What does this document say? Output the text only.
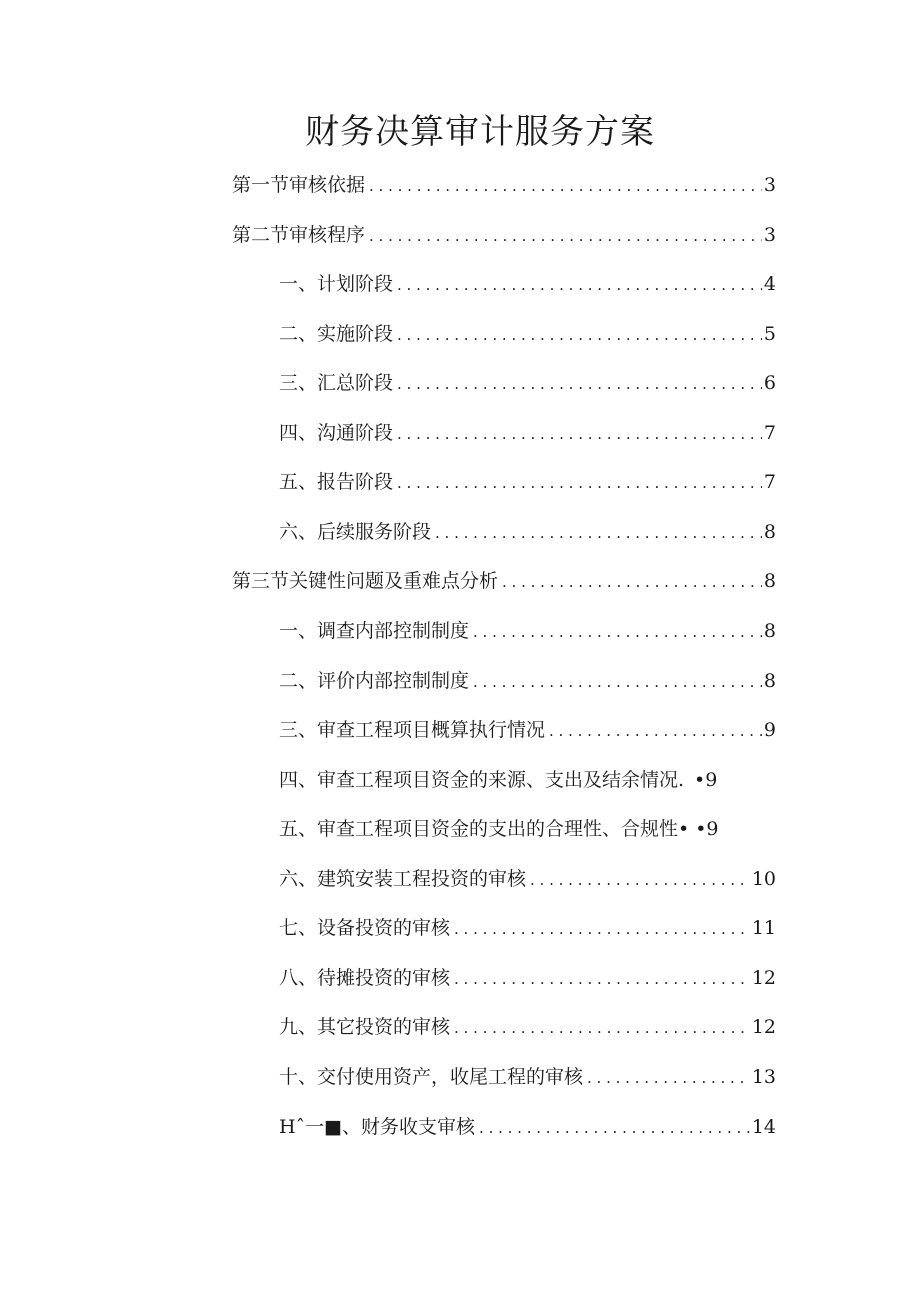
财务决算审计服务方案
第一节审核依据 . . .	3
第二节审核程序 . . .	3
一、计划阶段 . . .	4
二、实施阶段 . . .	5
三、汇总阶段 . . .	6
四、沟通阶段 . . .	7
五、报告阶段 . . .	7
六、后续服务阶段 . . .	8
第三节关键性问题及重难点分析 . . .	8
一、调查内部控制制度 . . .	8
二、评价内部控制制度 . . .	8
三、审查工程项目概算执行情况 . . .	9
四、审查工程项目资金的来源、支出及结余情况. •9
五、审查工程项目资金的支出的合理性、合规性• •9
六、建筑安装工程投资的审核 . . .	10
七、设备投资的审核 . . .	11
八、待摊投资的审核 . . .	12
九、其它投资的审核 . . .	12
十、交付使用资产，收尾工程的审核 . . .	13
Hˆ一■、财务收支审核 . . .	14
